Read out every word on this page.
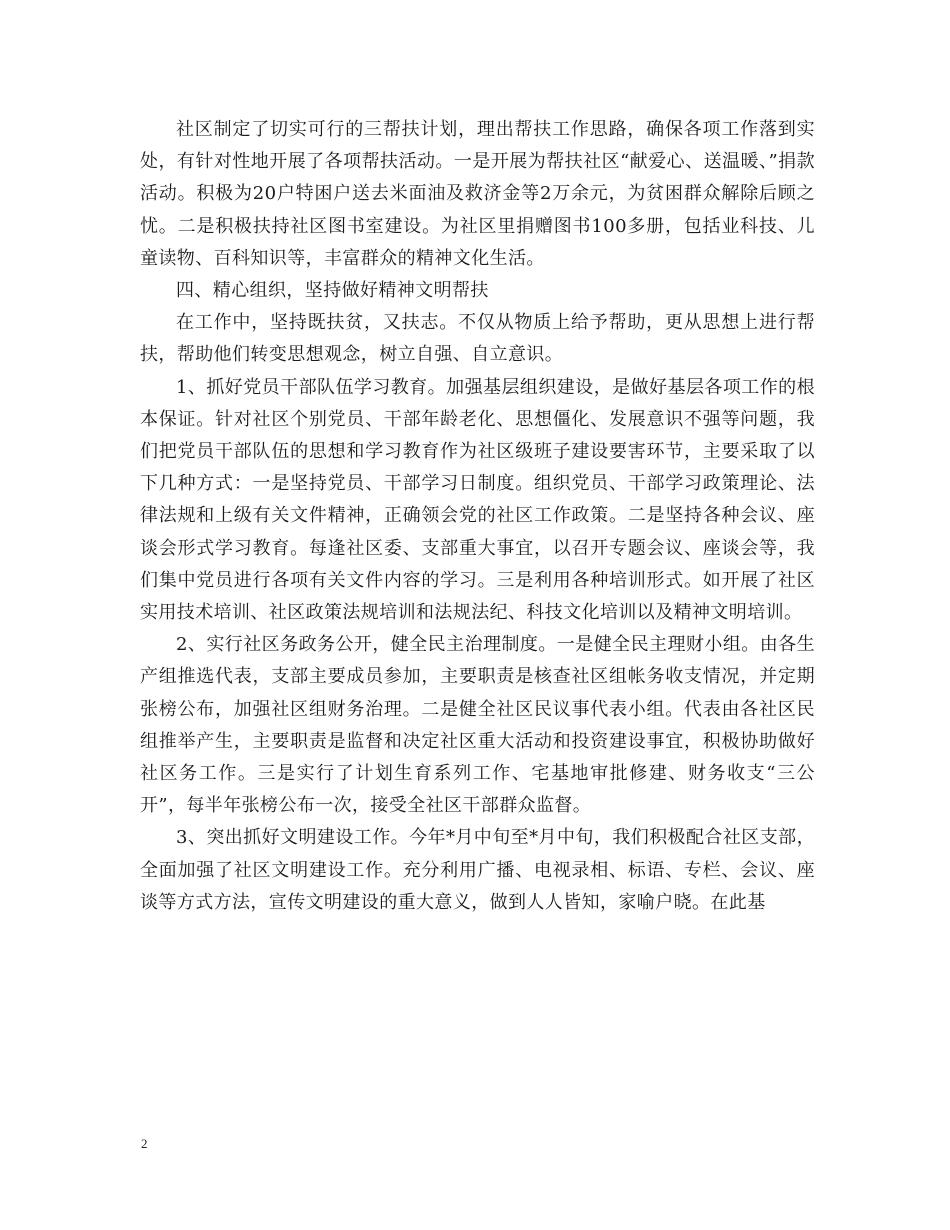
社区制定了切实可行的三帮扶计划，理出帮扶工作思路，确保各项工作落到实处，有针对性地开展了各项帮扶活动。一是开展为帮扶社区“献爱心、送温暖、”捐款活动。积极为20户特困户送去米面油及救济金等2万余元，为贫困群众解除后顾之忧。二是积极扶持社区图书室建设。为社区里捐赠图书100多册，包括业科技、儿童读物、百科知识等，丰富群众的精神文化生活。

四、精心组织，坚持做好精神文明帮扶

在工作中，坚持既扶贫，又扶志。不仅从物质上给予帮助，更从思想上进行帮扶，帮助他们转变思想观念，树立自强、自立意识。

1、抓好党员干部队伍学习教育。加强基层组织建设，是做好基层各项工作的根本保证。针对社区个别党员、干部年龄老化、思想僵化、发展意识不强等问题，我们把党员干部队伍的思想和学习教育作为社区级班子建设要害环节，主要采取了以下几种方式：一是坚持党员、干部学习日制度。组织党员、干部学习政策理论、法律法规和上级有关文件精神，正确领会党的社区工作政策。二是坚持各种会议、座谈会形式学习教育。每逢社区委、支部重大事宜，以召开专题会议、座谈会等，我们集中党员进行各项有关文件内容的学习。三是利用各种培训形式。如开展了社区实用技术培训、社区政策法规培训和法规法纪、科技文化培训以及精神文明培训。

2、实行社区务政务公开，健全民主治理制度。一是健全民主理财小组。由各生产组推选代表，支部主要成员参加，主要职责是核查社区组帐务收支情况，并定期张榜公布，加强社区组财务治理。二是健全社区民议事代表小组。代表由各社区民组推举产生，主要职责是监督和决定社区重大活动和投资建设事宜，积极协助做好社区务工作。三是实行了计划生育系列工作、宅基地审批修建、财务收支“三公开”，每半年张榜公布一次，接受全社区干部群众监督。

3、突出抓好文明建设工作。今年*月中旬至*月中旬，我们积极配合社区支部，全面加强了社区文明建设工作。充分利用广播、电视录相、标语、专栏、会议、座谈等方式方法，宣传文明建设的重大意义，做到人人皆知，家喻户晓。在此基

2
